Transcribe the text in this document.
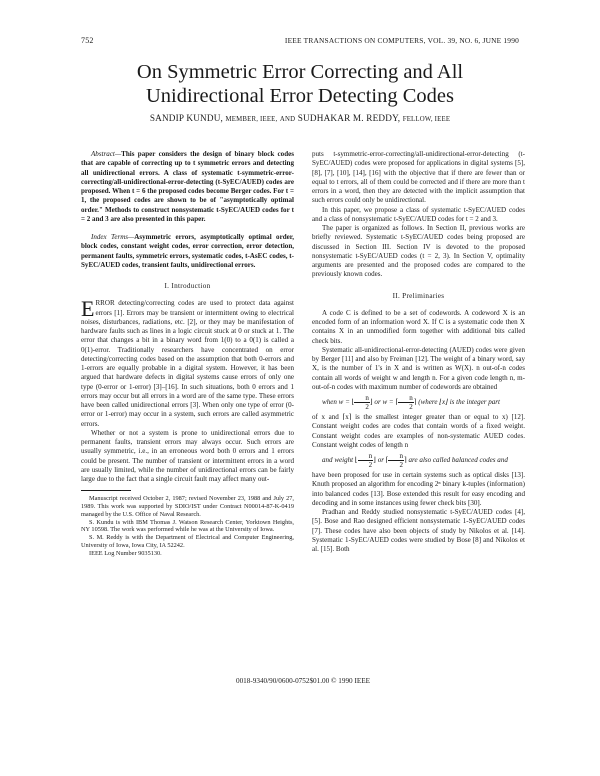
752	IEEE TRANSACTIONS ON COMPUTERS, VOL. 39, NO. 6, JUNE 1990
On Symmetric Error Correcting and All
Unidirectional Error Detecting Codes
SANDIP KUNDU, MEMBER, IEEE, AND SUDHAKAR M. REDDY, FELLOW, IEEE

Abstract—This paper considers the design of binary block codes that are capable of correcting up to t symmetric errors and detecting all unidirectional errors. A class of systematic t-symmetric-error-correcting/all-unidirectional-error-detecting (t-SyEC/AUED) codes are proposed. When t = 6 the proposed codes become Berger codes. For t = 1, the proposed codes are shown to be of "asymptotically optimal order." Methods to construct nonsystematic t-SyEC/AUED codes for t = 2 and 3 are also presented in this paper.

Index Terms—Asymmetric errors, asymptotically optimal order, block codes, constant weight codes, error correction, error detection, permanent faults, symmetric errors, systematic codes, t-AsEC codes, t-SyEC/AUED codes, transient faults, unidirectional errors.

I. Introduction

ERROR detecting/correcting codes are used to protect data against errors [1]. Errors may be transient or intermittent owing to electrical noises, disturbances, radiations, etc. [2], or they may be manifestation of hardware faults such as lines in a logic circuit stuck at 0 or stuck at 1. The error that changes a bit in a binary word from 1(0) to a 0(1) is called a 0(1)-error. Traditionally researchers have concentrated on error detecting/correcting codes based on the assumption that both 0-errors and 1-errors are equally probable in a digital system. However, it has been argued that hardware defects in digital systems cause errors of only one type (0-error or 1-error) [3]–[16]. In such situations, both 0 errors and 1 errors may occur but all errors in a word are of the same type. These errors have been called unidirectional errors [3]. When only one type of error (0-error or 1-error) may occur in a system, such errors are called asymmetric errors.

Whether or not a system is prone to unidirectional errors due to permanent faults, transient errors may always occur. Such errors are usually symmetric, i.e., in an erroneous word both 0 errors and 1 errors could be present. The number of transient or intermittent errors in a word are usually limited, while the number of unidirectional errors can be fairly large due to the fact that a single circuit fault may affect many out-

Manuscript received October 2, 1987; revised November 23, 1988 and July 27, 1989. This work was supported by SDIO/IST under Contract N00014-87-K-0419 managed by the U.S. Office of Naval Research.

S. Kundu is with IBM Thomas J. Watson Research Center, Yorktown Heights, NY 10598. The work was performed while he was at the University of Iowa.

S. M. Reddy is with the Department of Electrical and Computer Engineering, University of Iowa, Iowa City, IA 52242.

IEEE Log Number 9035130.

puts t-symmetric-error-correcting/all-unidirectional-error-detecting (t-SyEC/AUED) codes were proposed for applications in digital systems [5], [8], [7], [10], [14], [16] with the objective that if there are fewer than or equal to t errors, all of them could be corrected and if there are more than t errors in a word, then they are detected with the implicit assumption that such errors could only be unidirectional.

In this paper, we propose a class of systematic t-SyEC/AUED codes and a class of nonsystematic t-SyEC/AUED codes for t = 2 and 3.

The paper is organized as follows. In Section II, previous works are briefly reviewed. Systematic t-SyEC/AUED codes being proposed are discussed in Section III. Section IV is devoted to the proposed nonsystematic t-SyEC/AUED codes (t = 2, 3). In Section V, optimality arguments are presented and the proposed codes are compared to the previously known codes.

II. Preliminaries

A code C is defined to be a set of codewords. A codeword X is an encoded form of an information word X. If C is a systematic code then X contains X in an unmodified form together with additional bits called check bits.

Systematic all-unidirectional-error-detecting (AUED) codes were given by Berger [11] and also by Freiman [12]. The weight of a binary word, say X, is the number of 1's in X and is written as W(X). n out-of-n codes contain all words of weight w and length n. For a given code length n, m-out-of-n codes with maximum number of codewords are obtained
when w = ⌊ $\frac{n}{2}$ ⌋ or w = ⌈ $\frac{n}{2}$ ⌉ (where ⌊x⌋ is the integer part
of x and ⌈x⌉ is the smallest integer greater than or equal to x) [12]. Constant weight codes are codes that contain words of a fixed weight. Constant weight codes are examples of non-systematic AUED codes. Constant weight codes of length n
and weight ⌊ $\frac{n}{2}$ ⌋ or ⌈ $\frac{n}{2}$ ⌉ are also called balanced codes and
have been proposed for use in certain systems such as optical disks [13]. Knuth proposed an algorithm for encoding 2ⁿ binary k-tuples (information) into balanced codes [13]. Bose extended this result for easy encoding and decoding and in some instances using fewer check bits [30].

Pradhan and Reddy studied nonsystematic t-SyEC/AUED codes [4], [5]. Bose and Rao designed efficient nonsystematic 1-SyEC/AUED codes [7]. These codes have also been objects of study by Nikolos et al. [14]. Systematic 1-SyEC/AUED codes were studied by Bose [8] and Nikolos et al. [15]. Both

0018-9340/90/0600-0752$01.00 © 1990 IEEE
